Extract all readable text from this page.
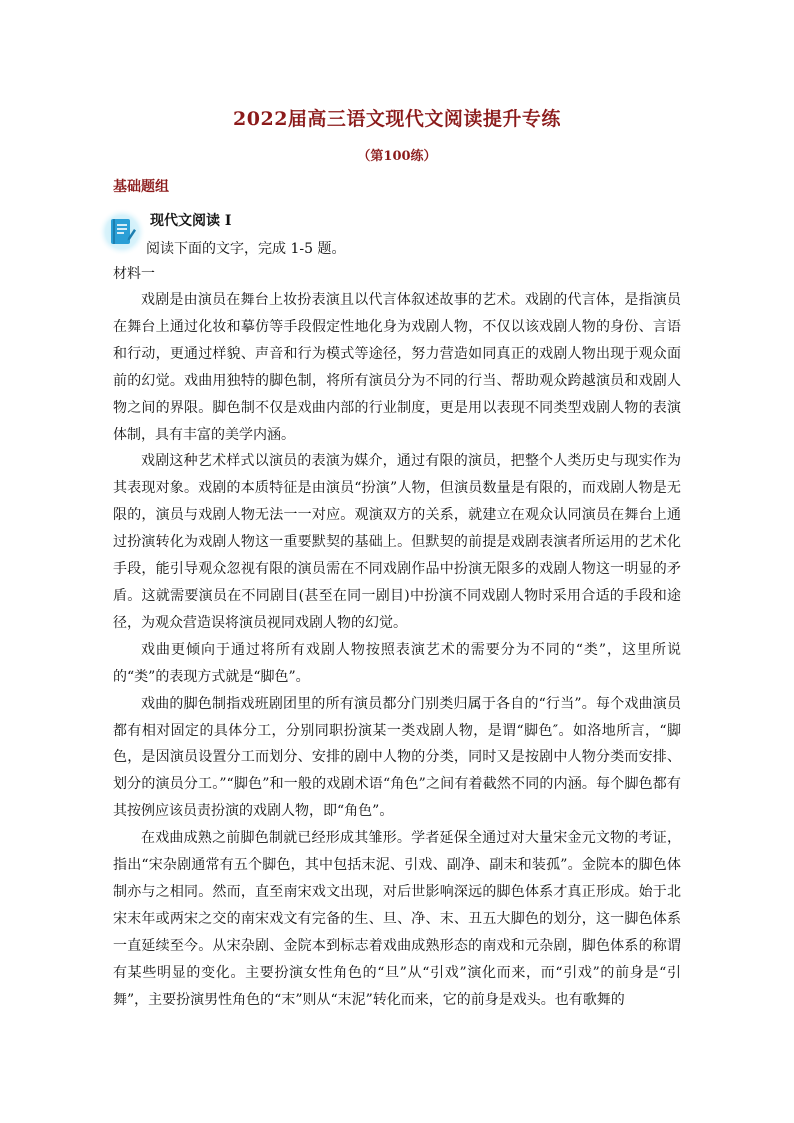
2022届高三语文现代文阅读提升专练
（第100练）
基础题组
现代文阅读 I
阅读下面的文字，完成 1-5 题。
材料一

戏剧是由演员在舞台上妆扮表演且以代言体叙述故事的艺术。戏剧的代言体，是指演员在舞台上通过化妆和摹仿等手段假定性地化身为戏剧人物，不仅以该戏剧人物的身份、言语和行动，更通过样貌、声音和行为模式等途径，努力营造如同真正的戏剧人物出现于观众面前的幻觉。戏曲用独特的脚色制，将所有演员分为不同的行当、帮助观众跨越演员和戏剧人物之间的界限。脚色制不仅是戏曲内部的行业制度，更是用以表现不同类型戏剧人物的表演体制，具有丰富的美学内涵。

戏剧这种艺术样式以演员的表演为媒介，通过有限的演员，把整个人类历史与现实作为其表现对象。戏剧的本质特征是由演员“扮演”人物，但演员数量是有限的，而戏剧人物是无限的，演员与戏剧人物无法一一对应。观演双方的关系，就建立在观众认同演员在舞台上通过扮演转化为戏剧人物这一重要默契的基础上。但默契的前提是戏剧表演者所运用的艺术化手段，能引导观众忽视有限的演员需在不同戏剧作品中扮演无限多的戏剧人物这一明显的矛盾。这就需要演员在不同剧目(甚至在同一剧目)中扮演不同戏剧人物时采用合适的手段和途径，为观众营造误将演员视同戏剧人物的幻觉。

戏曲更倾向于通过将所有戏剧人物按照表演艺术的需要分为不同的“类”，这里所说的“类”的表现方式就是“脚色”。

戏曲的脚色制指戏班剧团里的所有演员都分门别类归属于各自的“行当”。每个戏曲演员都有相对固定的具体分工，分别同职扮演某一类戏剧人物，是谓“脚色″。如洛地所言，“脚色，是因演员设置分工而划分、安排的剧中人物的分类，同时又是按剧中人物分类而安排、划分的演员分工。”“脚色”和一般的戏剧术语“角色”之间有着截然不同的内涵。每个脚色都有其按例应该员责扮演的戏剧人物，即“角色”。

在戏曲成熟之前脚色制就已经形成其雏形。学者延保全通过对大量宋金元文物的考证，指出“宋杂剧通常有五个脚色，其中包括末泥、引戏、副净、副末和装孤”。金院本的脚色体制亦与之相同。然而，直至南宋戏文出现，对后世影响深远的脚色体系才真正形成。始于北宋末年或两宋之交的南宋戏文有完备的生、旦、净、末、丑五大脚色的划分，这一脚色体系一直延续至今。从宋杂剧、金院本到标志着戏曲成熟形态的南戏和元杂剧，脚色体系的称谓有某些明显的变化。主要扮演女性角色的“旦”从“引戏”演化而来，而“引戏”的前身是“引舞”，主要扮演男性角色的“末”则从“末泥”转化而来，它的前身是戏头。也有歌舞的
